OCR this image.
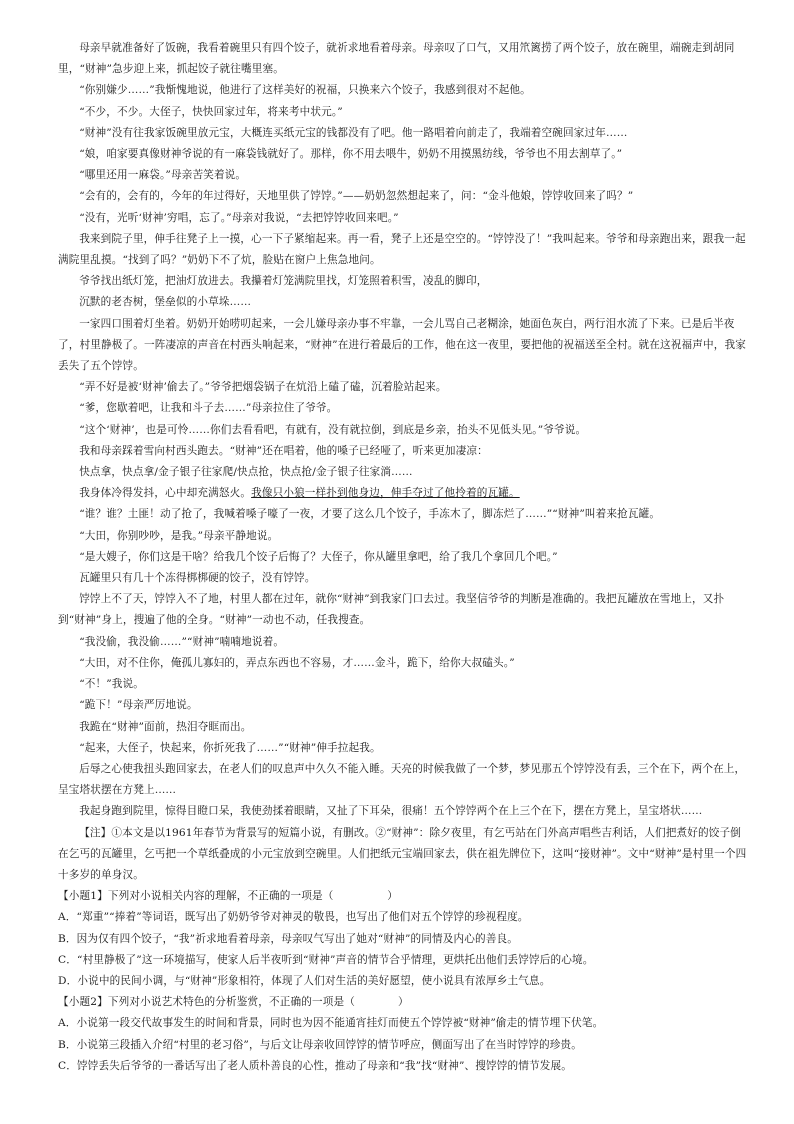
母亲早就准备好了饭碗，我看着碗里只有四个饺子，就祈求地看着母亲。母亲叹了口气，又用笊篱捞了两个饺子，放在碗里，端碗走到胡同里，“财神”急步迎上来，抓起饺子就往嘴里塞。

“你别嫌少……”我惭愧地说，他进行了这样美好的祝福，只换来六个饺子，我感到很对不起他。

“不少，不少。大侄子，快快回家过年，将来考中状元。”

“财神”没有往我家饭碗里放元宝，大概连买纸元宝的钱都没有了吧。他一路唱着向前走了，我端着空碗回家过年……

“娘，咱家要真像财神爷说的有一麻袋钱就好了。那样，你不用去喂牛，奶奶不用摸黑纺线，爷爷也不用去割草了。”

“哪里还用一麻袋。”母亲苦笑着说。

“会有的，会有的，今年的年过得好，天地里供了饽饽。”——奶奶忽然想起来了，问：“金斗他娘，饽饽收回来了吗？”

“没有，光听‘财神’穷唱，忘了。”母亲对我说，“去把饽饽收回来吧。”

我来到院子里，伸手往凳子上一摸，心一下子紧缩起来。再一看，凳子上还是空空的。“饽饽没了！”我叫起来。爷爷和母亲跑出来，跟我一起满院里乱摸。“找到了吗？”奶奶下不了炕，脸贴在窗户上焦急地问。

爷爷找出纸灯笼，把油灯放进去。我攥着灯笼满院里找，灯笼照着积雪，凌乱的脚印，

沉默的老杏树，堡垒似的小草垛……

一家四口围着灯坐着。奶奶开始唠叨起来，一会儿嫌母亲办事不牢靠，一会儿骂自己老糊涂，她面色灰白，两行泪水流了下来。已是后半夜了，村里静极了。一阵凄凉的声音在村西头响起来，“财神”在进行着最后的工作，他在这一夜里，要把他的祝福送至全村。就在这祝福声中，我家丢失了五个饽饽。

“弄不好是被‘财神’偷去了。”爷爷把烟袋锅子在炕沿上磕了磕，沉着脸站起来。

“爹，您歇着吧，让我和斗子去……”母亲拉住了爷爷。

“这个‘财神’，也是可怜……你们去看看吧，有就有，没有就拉倒，到底是乡亲，抬头不见低头见。”爷爷说。

我和母亲踩着雪向村西头跑去。“财神”还在唱着，他的嗓子已经哑了，听来更加凄凉：

快点拿，快点拿/金子银子往家爬/快点抢，快点抢/金子银子往家淌……

我身体冷得发抖，心中却充满怒火。我像只小狼一样扑到他身边，伸手夺过了他拎着的瓦罐。

“谁？谁？土匪！动了抢了，我喊着嗓子嚎了一夜，才要了这么几个饺子，手冻木了，脚冻烂了……”“财神”叫着来抢瓦罐。

“大田，你别吵吵，是我。”母亲平静地说。

“是大嫂子，你们这是干啥？给我几个饺子后悔了？大侄子，你从罐里拿吧，给了我几个拿回几个吧。”

瓦罐里只有几十个冻得梆梆硬的饺子，没有饽饽。

饽饽上不了天，饽饽入不了地，村里人都在过年，就你“财神”到我家门口去过。我坚信爷爷的判断是准确的。我把瓦罐放在雪地上，又扑到“财神”身上，搜遍了他的全身。“财神”一动也不动，任我搜查。

“我没偷，我没偷……”“财神”喃喃地说着。

“大田，对不住你，俺孤儿寡妇的，弄点东西也不容易，才……金斗，跪下，给你大叔磕头。”

“不！”我说。

“跪下！”母亲严厉地说。

我跪在“财神”面前，热泪夺眶而出。

“起来，大侄子，快起来，你折死我了……”“财神”伸手拉起我。

后辱之心使我扭头跑回家去，在老人们的叹息声中久久不能入睡。天亮的时候我做了一个梦，梦见那五个饽饽没有丢，三个在下，两个在上，呈宝塔状摆在方凳上……

我起身跑到院里，惊得目瞪口呆，我使劲揉着眼睛，又扯了下耳朵，很痛！五个饽饽两个在上三个在下，摆在方凳上，呈宝塔状……

【注】①本文是以1961年春节为背景写的短篇小说，有删改。②“财神”：除夕夜里，有乞丐站在门外高声唱些吉利话，人们把煮好的饺子倒在乞丐的瓦罐里，乞丐把一个草纸叠成的小元宝放到空碗里。人们把纸元宝端回家去，供在祖先牌位下，这叫“接财神”。文中“财神”是村里一个四十多岁的单身汉。

【小题1】下列对小说相关内容的理解，不正确的一项是（　　　　　）

A．“郑重”“捧着”等词语，既写出了奶奶爷爷对神灵的敬畏，也写出了他们对五个饽饽的珍视程度。

B．因为仅有四个饺子，“我”祈求地看着母亲，母亲叹气写出了她对“财神”的同情及内心的善良。

C．“村里静极了”这一环境描写，使家人后半夜听到“财神”声音的情节合乎情理，更烘托出他们丢饽饽后的心境。

D．小说中的民间小调，与“财神”形象相符，体现了人们对生活的美好愿望，使小说具有浓厚乡土气息。

【小题2】下列对小说艺术特色的分析鉴赏，不正确的一项是（　　　　）

A．小说第一段交代故事发生的时间和背景，同时也为因不能通宵挂灯而使五个饽饽被“财神”偷走的情节埋下伏笔。

B．小说第三段插入介绍“村里的老习俗”，与后文让母亲收回饽饽的情节呼应，侧面写出了在当时饽饽的珍贵。

C．饽饽丢失后爷爷的一番话写出了老人质朴善良的心性，推动了母亲和“我”找“财神”、搜饽饽的情节发展。
